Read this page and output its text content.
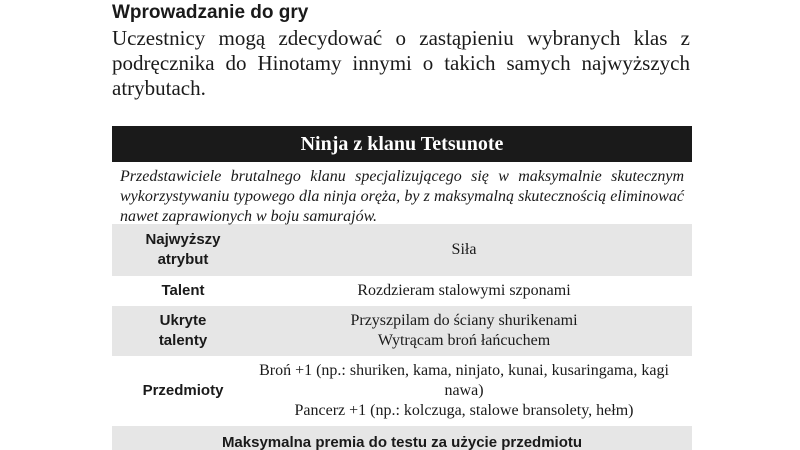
Wprowadzanie do gry

Uczestnicy mogą zdecydować o zastąpieniu wybranych klas z podręcznika do Hinotamy innymi o takich samych najwyższych atrybutach.

Ninja z klanu Tetsunote

Przedstawiciele brutalnego klanu specjalizującego się w maksymalnie skutecznym wykorzystywaniu typowego dla ninja oręża, by z maksymalną skutecznością eliminować nawet zaprawionych w boju samurajów.

Najwyższy
atrybut
Siła
Talent	Rozdzieram stalowymi szponami
Ukryte
talenty
Przyszpilam do ściany shurikenami
Wytrącam broń łańcuchem
Przedmioty
Broń +1 (np.: shuriken, kama, ninjato, kunai, kusaringama, kagi
nawa)
Pancerz +1 (np.: kolczuga, stalowe bransolety, hełm)
Maksymalna premia do testu za użycie przedmiotu
